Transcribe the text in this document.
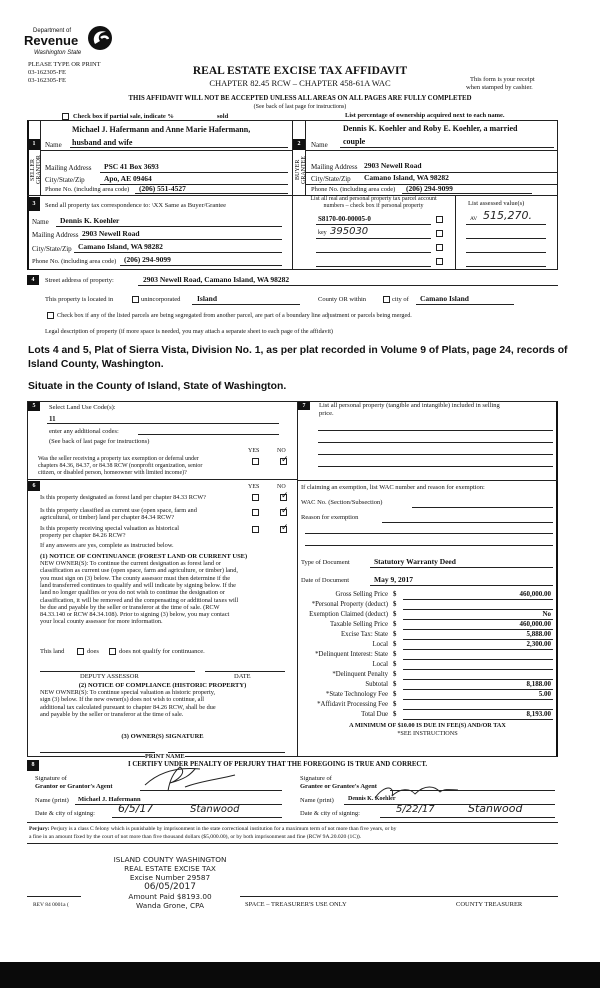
Department of
Revenue
Washington State
PLEASE TYPE OR PRINT
03-162305-FE
03-162305-FE
REAL ESTATE EXCISE TAX AFFIDAVIT
CHAPTER 82.45 RCW – CHAPTER 458-61A WAC	This form is your receipt
when stamped by cashier.
THIS AFFIDAVIT WILL NOT BE ACCEPTED UNLESS ALL AREAS ON ALL PAGES ARE FULLY COMPLETED
(See back of last page for instructions)
Check box if partial sale, indicate %	sold	List percentage of ownership acquired next to each name.
1	2
SELLER GRANTOR	BUYER GRANTEE
Name
Michael J. Hafermann and Anne Marie Hafermann,
husband and wife
Mailing Address PSC 41 Box 3693
City/State/Zip	Apo, AE 09464
Phone No. (including area code) (206) 551-4527
Name
Dennis K. Koehler and Roby E. Koehler, a married
couple
Mailing Address 2903 Newell Road
City/State/Zip Camano Island, WA 98282
Phone No. (including area code) (206) 294-9099
3	Send all property tax correspondence to: \XX Same as Buyer/Grantee
Name Dennis K. Koehler
Mailing Address 2903 Newell Road
City/State/Zip Camano Island, WA 98282
Phone No. (including area code) (206) 294-9099
List all real and personal property tax parcel account
numbers – check box if personal property
S8170-00-00005-0
key 395030
List assessed value(s)
AV 515,270.
4	Street address of property:	2903 Newell Road, Camano Island, WA 98282
This property is located in	unincorporated Island	County OR within	city of Camano Island
Check box if any of the listed parcels are being segregated from another parcel, are part of a boundary line adjustment or parcels being merged.
Legal description of property (if more space is needed, you may attach a separate sheet to each page of the affidavit)
Lots 4 and 5, Plat of Sierra Vista, Division No. 1, as per plat recorded in Volume 9 of Plats, page 24, records of
Island County, Washington.
Situate in the County of Island, State of Washington.
5	Select Land Use Code(s):
11
enter any additional codes:
(See back of last page for instructions)
YES	NO
Was the seller receiving a property tax exemption or deferral under
chapters 84.36, 84.37, or 84.38 RCW (nonprofit organization, senior
citizen, or disabled person, homeowner with limited income)?
✓
6	YES	NO
Is this property designated as forest land per chapter 84.33 RCW?	✓
Is this property classified as current use (open space, farm and
agricultural, or timber) land per chapter 84.34 RCW?
✓
Is this property receiving special valuation as historical
property per chapter 84.26 RCW?
✓
If any answers are yes, complete as instructed below.
(1) NOTICE OF CONTINUANCE (FOREST LAND OR CURRENT USE)
NEW OWNER(S): To continue the current designation as forest land or
classification as current use (open space, farm and agriculture, or timber) land,
you must sign on (3) below. The county assessor must then determine if the
land transferred continues to qualify and will indicate by signing below. If the
land no longer qualifies or you do not wish to continue the designation or
classification, it will be removed and the compensating or additional taxes will
be due and payable by the seller or transferor at the time of sale. (RCW
84.33.140 or RCW 84.34.108). Prior to signing (3) below, you may contact
your local county assessor for more information.
This land	does	does not qualify for continuance.
DEPUTY ASSESSOR	DATE
(2) NOTICE OF COMPLIANCE (HISTORIC PROPERTY)
NEW OWNER(S): To continue special valuation as historic property,
sign (3) below. If the new owner(s) does not wish to continue, all
additional tax calculated pursuant to chapter 84.26 RCW, shall be due
and payable by the seller or transferor at the time of sale.
(3) OWNER(S) SIGNATURE
PRINT NAME
7	List all personal property (tangible and intangible) included in selling
price.
If claiming an exemption, list WAC number and reason for exemption:
WAC No. (Section/Subsection)
Reason for exemption
Type of Document	Statutory Warranty Deed
Date of Document	May 9, 2017
Gross Selling Price $	460,000.00
*Personal Property (deduct) $
Exemption Claimed (deduct) $	No
Taxable Selling Price $	460,000.00
Excise Tax: State $	5,888.00
Local $	2,300.00
*Delinquent Interest: State $
Local $
*Delinquent Penalty $
Subtotal $	8,188.00
*State Technology Fee $	5.00
*Affidavit Processing Fee $
Total Due $	8,193.00
A MINIMUM OF $10.00 IS DUE IN FEE(S) AND/OR TAX
*SEE INSTRUCTIONS
8	I CERTIFY UNDER PENALTY OF PERJURY THAT THE FOREGOING IS TRUE AND CORRECT.
Signature of
Grantor or Grantor's Agent
Name (print) Michael J. Hafermann
Date & city of signing: 6/5/17	Stanwood
Signature of
Grantee or Grantee's Agent
Name (print) Dennis K. Koehler
Date & city of signing:	5/22/17	Stanwood
Perjury: Perjury is a class C felony which is punishable by imprisonment in the state correctional institution for a maximum term of not more than five years, or by
a fine in an amount fixed by the court of not more than five thousand dollars ($5,000.00), or by both imprisonment and fine (RCW 9A.20.020 (1C)).
ISLAND COUNTY WASHINGTON
REAL ESTATE EXCISE TAX
Excise Number 29587
06/05/2017
Amount Paid $8193.00
Wanda Grone, CPA
REV 84 0001a (	SPACE – TREASURER'S USE ONLY	COUNTY TREASURER
